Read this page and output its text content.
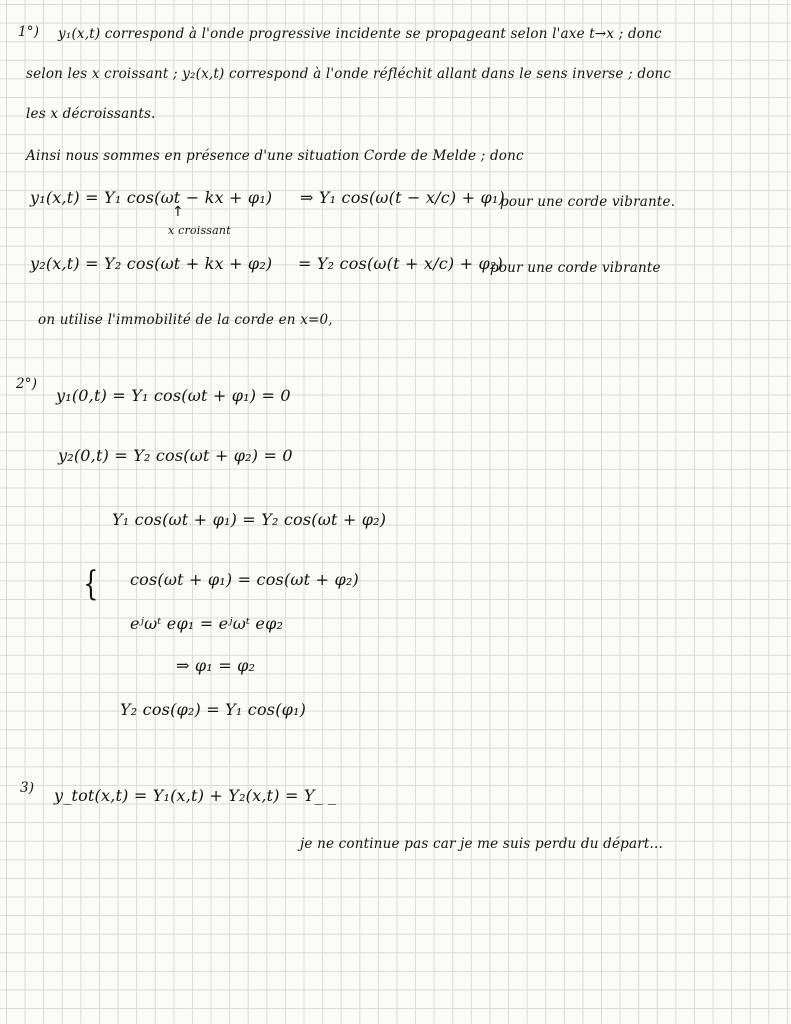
1°) y₁(x,t) correspond à l'onde progressive incidente se propageant selon l'axe t→x ; donc
selon les x croissant ; y₂(x,t) correspond à l'onde réfléchit allant dans le sens inverse ; donc
les x décroissants.
Ainsi nous sommes en présence d'une situation Corde de Melde ; donc
y₁(x,t) = Y₁ cos(ωt − kx + φ₁)
x croissant
↑
⇒ Y₁ cos(ω(t − x/c) + φ₁)
pour une corde vibrante.
y₂(x,t) = Y₂ cos(ωt + kx + φ₂) = Y₂ cos(ω(t + x/c) + φ₂)
pour une corde vibrante
on utilise l'immobilité de la corde en x=0,
2°)
y₁(0,t) = Y₁ cos(ωt + φ₁) = 0
y₂(0,t) = Y₂ cos(ωt + φ₂) = 0
Y₁ cos(ωt + φ₁) = Y₂ cos(ωt + φ₂)
{ cos(ωt + φ₁) = cos(ωt + φ₂)
eʲωᵗ eφ₁ = eʲωᵗ eφ₂
⇒ φ₁ = φ₂
Y₂ cos(φ₂) = Y₁ cos(φ₁)
3) y_tot(x,t) = Y₁(x,t) + Y₂(x,t) = Y_ _
je ne continue pas car je me suis perdu du départ...
